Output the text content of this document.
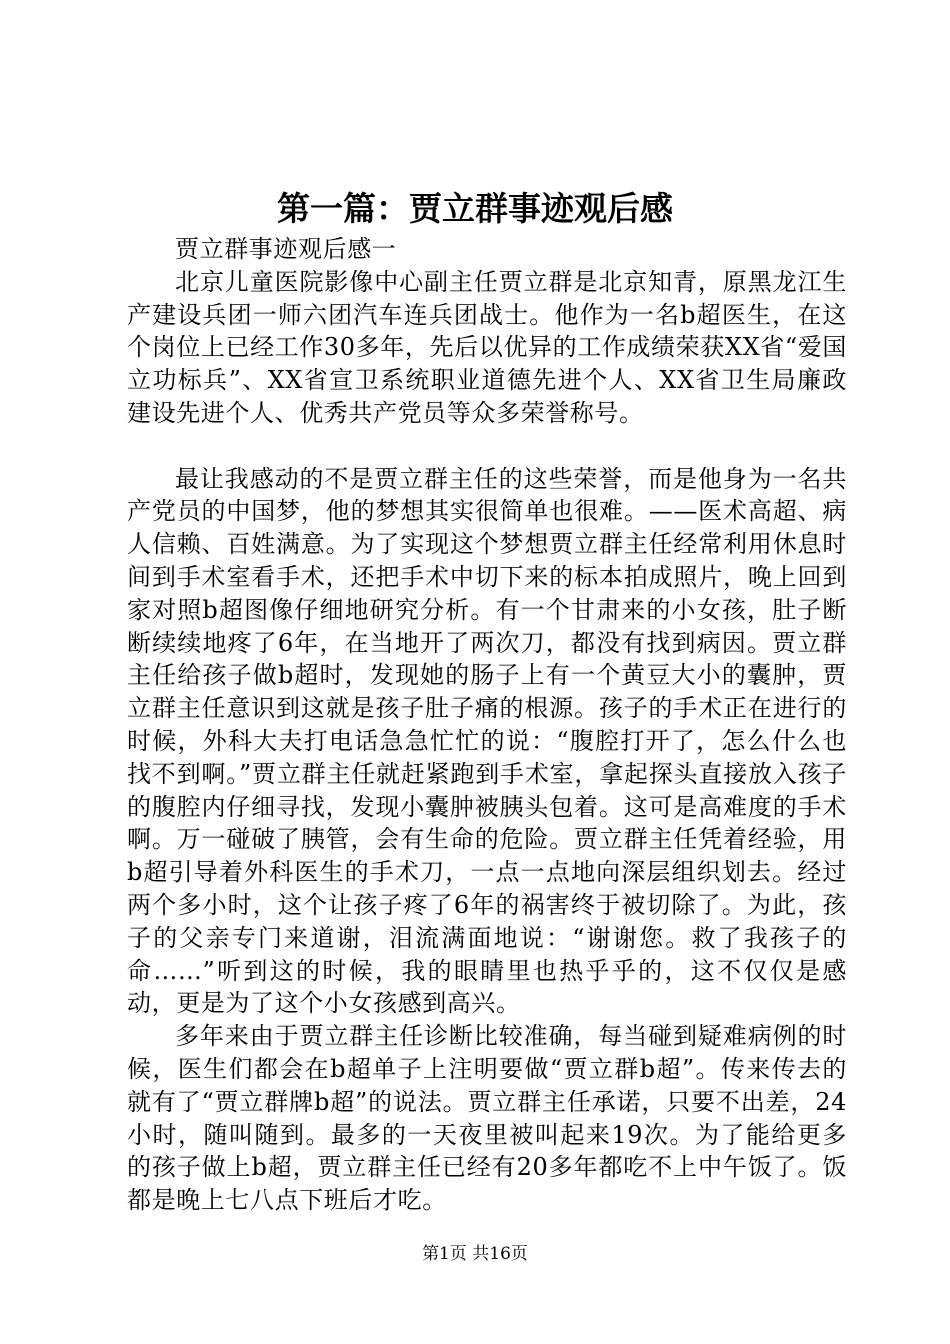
第一篇：贾立群事迹观后感

贾立群事迹观后感一

北京儿童医院影像中心副主任贾立群是北京知青，原黑龙江生产建设兵团一师六团汽车连兵团战士。他作为一名b超医生，在这个岗位上已经工作30多年，先后以优异的工作成绩荣获XX省“爱国立功标兵”、XX省宣卫系统职业道德先进个人、XX省卫生局廉政建设先进个人、优秀共产党员等众多荣誉称号。

最让我感动的不是贾立群主任的这些荣誉，而是他身为一名共产党员的中国梦，他的梦想其实很简单也很难。——医术高超、病人信赖、百姓满意。为了实现这个梦想贾立群主任经常利用休息时间到手术室看手术，还把手术中切下来的标本拍成照片，晚上回到家对照b超图像仔细地研究分析。有一个甘肃来的小女孩，肚子断断续续地疼了6年，在当地开了两次刀，都没有找到病因。贾立群主任给孩子做b超时，发现她的肠子上有一个黄豆大小的囊肿，贾立群主任意识到这就是孩子肚子痛的根源。孩子的手术正在进行的时候，外科大夫打电话急急忙忙的说：“腹腔打开了，怎么什么也找不到啊。”贾立群主任就赶紧跑到手术室，拿起探头直接放入孩子的腹腔内仔细寻找，发现小囊肿被胰头包着。这可是高难度的手术啊。万一碰破了胰管，会有生命的危险。贾立群主任凭着经验，用b超引导着外科医生的手术刀，一点一点地向深层组织划去。经过两个多小时，这个让孩子疼了6年的祸害终于被切除了。为此，孩子的父亲专门来道谢，泪流满面地说：“谢谢您。救了我孩子的命……”听到这的时候，我的眼睛里也热乎乎的，这不仅仅是感动，更是为了这个小女孩感到高兴。

多年来由于贾立群主任诊断比较准确，每当碰到疑难病例的时候，医生们都会在b超单子上注明要做“贾立群b超”。传来传去的就有了“贾立群牌b超”的说法。贾立群主任承诺，只要不出差，24小时，随叫随到。最多的一天夜里被叫起来19次。为了能给更多的孩子做上b超，贾立群主任已经有20多年都吃不上中午饭了。饭都是晚上七八点下班后才吃。

第1页 共16页
